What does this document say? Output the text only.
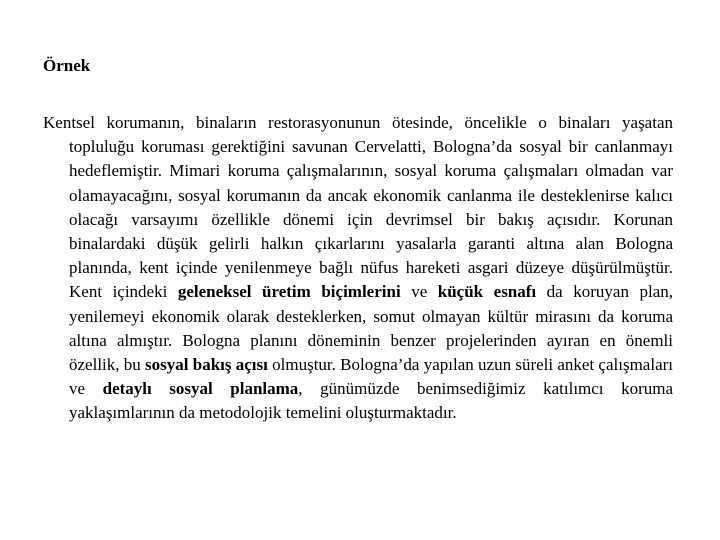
Örnek

Kentsel korumanın, binaların restorasyonunun ötesinde, öncelikle o binaları yaşatan topluluğu koruması gerektiğini savunan Cervelatti, Bologna’da sosyal bir canlanmayı hedeflemiştir. Mimari koruma çalışmalarının, sosyal koruma çalışmaları olmadan var olamayacağını, sosyal korumanın da ancak ekonomik canlanma ile desteklenirse kalıcı olacağı varsayımı özellikle dönemi için devrimsel bir bakış açısıdır. Korunan binalardaki düşük gelirli halkın çıkarlarını yasalarla garanti altına alan Bologna planında, kent içinde yenilenmeye bağlı nüfus hareketi asgari düzeye düşürülmüştür. Kent içindeki geleneksel üretim biçimlerini ve küçük esnafı da koruyan plan, yenilemeyi ekonomik olarak desteklerken, somut olmayan kültür mirasını da koruma altına almıştır. Bologna planını döneminin benzer projelerinden ayıran en önemli özellik, bu sosyal bakış açısı olmuştur. Bologna’da yapılan uzun süreli anket çalışmaları ve detaylı sosyal planlama, günümüzde benimsediğimiz katılımcı koruma yaklaşımlarının da metodolojik temelini oluşturmaktadır.
